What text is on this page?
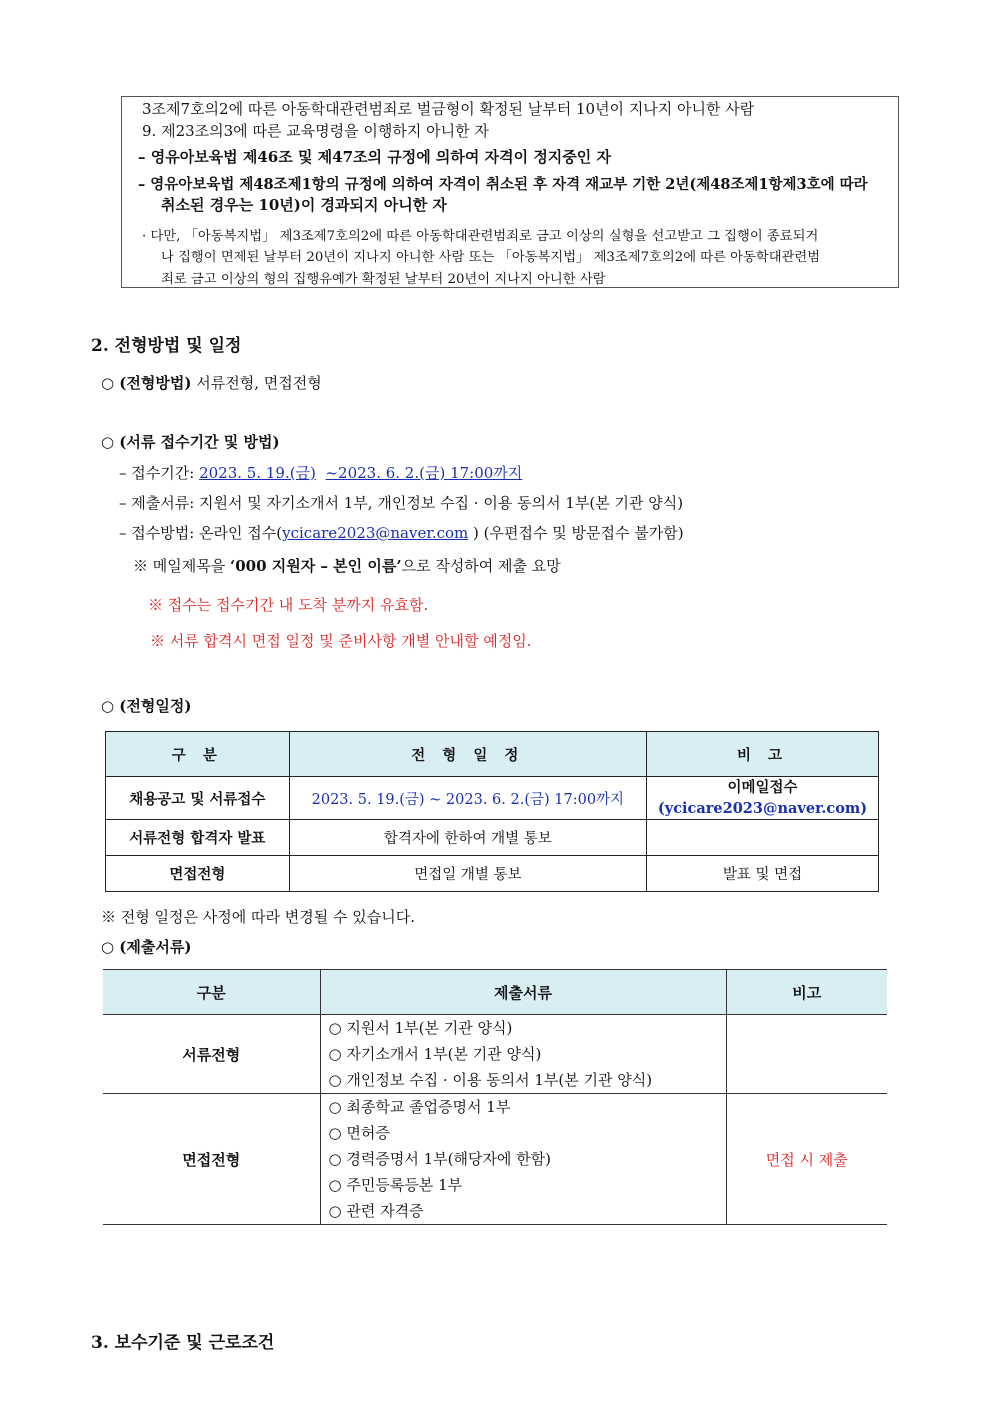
3조제7호의2에 따른 아동학대관련범죄로 벌금형이 확정된 날부터 10년이 지나지 아니한 사람
9. 제23조의3에 따른 교육명령을 이행하지 아니한 자
– 영유아보육법 제46조 및 제47조의 규정에 의하여 자격이 정지중인 자
– 영유아보육법 제48조제1항의 규정에 의하여 자격이 취소된 후 자격 재교부 기한 2년(제48조제1항제3호에 따라
취소된 경우는 10년)이 경과되지 아니한 자
· 다만, 「아동복지법」 제3조제7호의2에 따른 아동학대관련범죄로 금고 이상의 실형을 선고받고 그 집행이 종료되거
나 집행이 면제된 날부터 20년이 지나지 아니한 사람 또는 「아동복지법」 제3조제7호의2에 따른 아동학대관련범
죄로 금고 이상의 형의 집행유예가 확정된 날부터 20년이 지나지 아니한 사람
2. 전형방법 및 일정
○ (전형방법) 서류전형, 면접전형
○ (서류 접수기간 및 방법)
– 접수기간: 2023. 5. 19.(금) ~2023. 6. 2.(금) 17:00까지
– 제출서류: 지원서 및 자기소개서 1부, 개인정보 수집 · 이용 동의서 1부(본 기관 양식)
– 접수방법: 온라인 접수(ycicare2023@naver.com ) (우편접수 및 방문접수 불가함)
※ 메일제목을 ‘000 지원자 – 본인 이름’으로 작성하여 제출 요망
※ 접수는 접수기간 내 도착 분까지 유효함.
※ 서류 합격시 면접 일정 및 준비사항 개별 안내할 예정임.
○ (전형일정)
구 분	전 형 일 정	비 고
채용공고 및 서류접수	2023. 5. 19.(금) ~ 2023. 6. 2.(금) 17:00까지	이메일접수
(ycicare2023@naver.com)

서류전형 합격자 발표	합격자에 한하여 개별 통보	
면접전형	면접일 개별 통보	발표 및 면접
※ 전형 일정은 사정에 따라 변경될 수 있습니다.
○ (제출서류)
구분	제출서류	비고
서류전형	○ 지원서 1부(본 기관 양식)
○ 자기소개서 1부(본 기관 양식)
○ 개인정보 수집 · 이용 동의서 1부(본 기관 양식)	

면접전형	○ 최종학교 졸업증명서 1부
○ 면허증
○ 경력증명서 1부(해당자에 한함)
○ 주민등록등본 1부
○ 관련 자격증	면접 시 제출
3. 보수기준 및 근로조건
